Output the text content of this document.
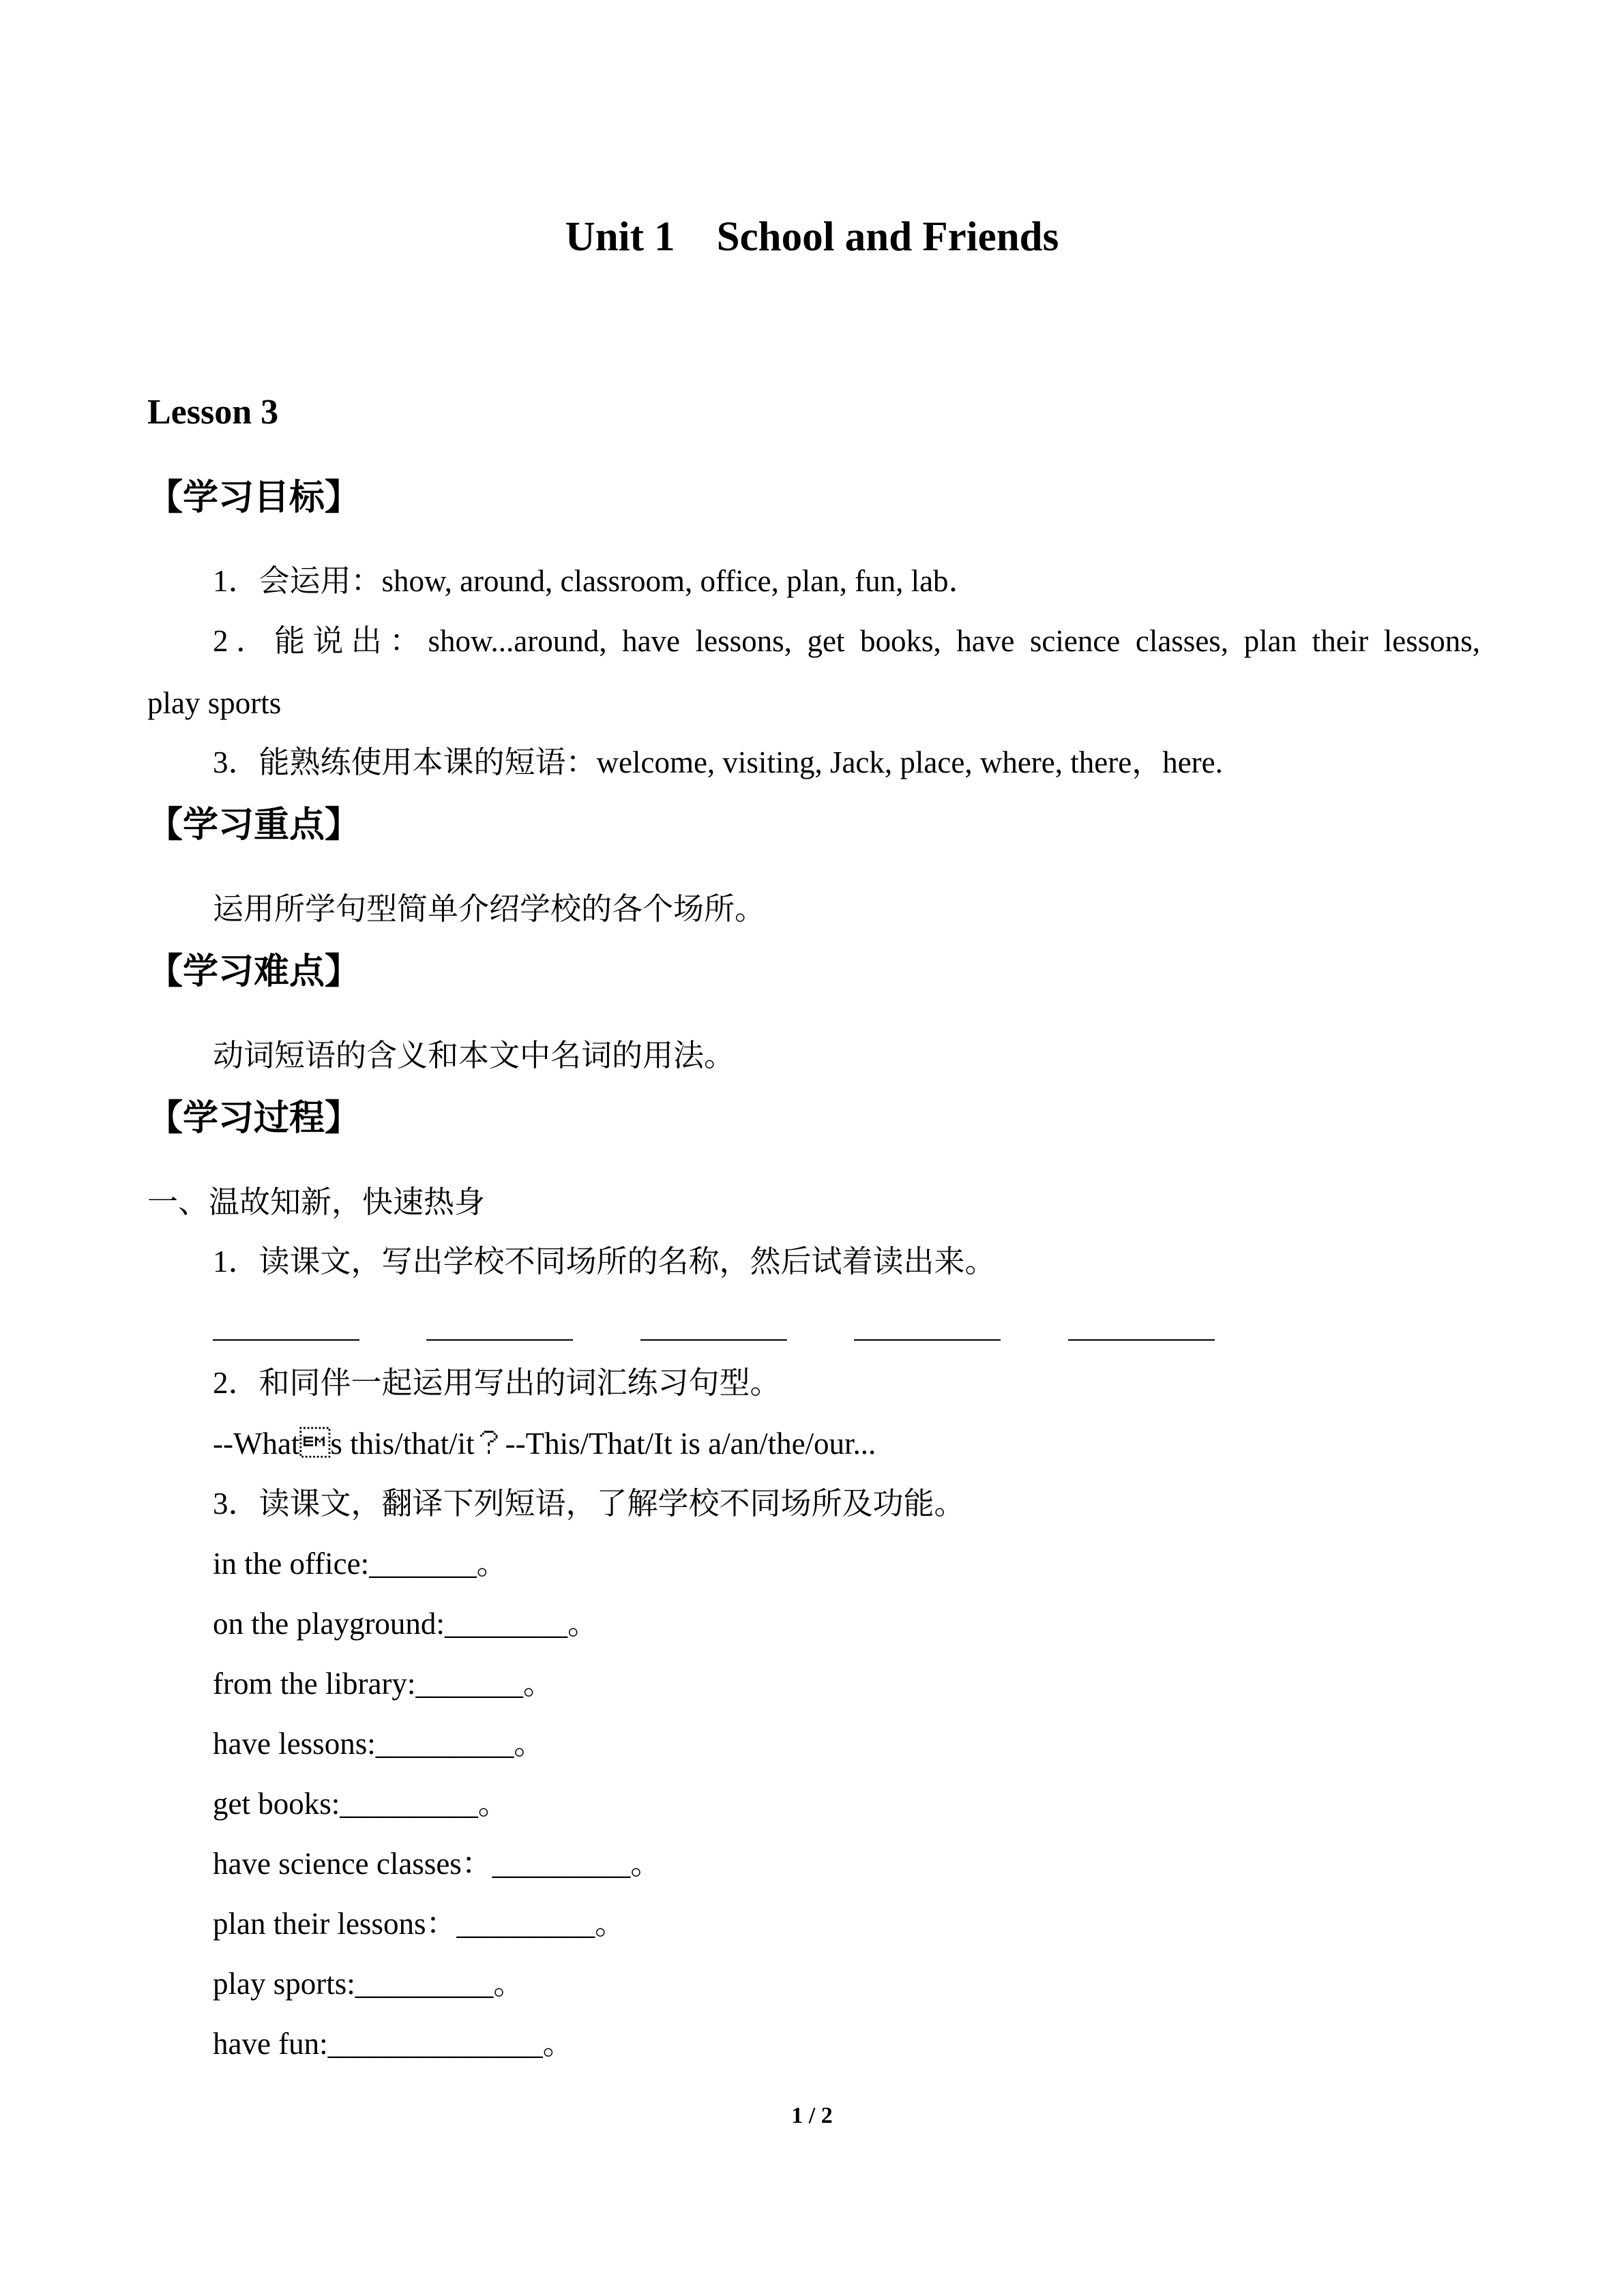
Unit 1    School and Friends
Lesson 3
【学习目标】
1．会运用：show, around, classroom, office, plan, fun, lab．
2．能说出：show...around, have lessons, get books, have science classes, plan their lessons,
play sports
3．能熟练使用本课的短语：welcome, visiting, Jack, place, where, there，here.
【学习重点】
运用所学句型简单介绍学校的各个场所。
【学习难点】
动词短语的含义和本文中名词的用法。
【学习过程】
一、温故知新，快速热身
1．读课文，写出学校不同场所的名称，然后试着读出来。
2．和同伴一起运用写出的词汇练习句型。
--Whats this/that/it？--This/That/It is a/an/the/our...
3．读课文，翻译下列短语，了解学校不同场所及功能。
in the office:_______。
on the playground:________。
from the library:_______。
have lessons:_________。
get books:_________。
have science classes：_________。
plan their lessons：_________。
play sports:_________。
have fun:______________。
1 / 2
